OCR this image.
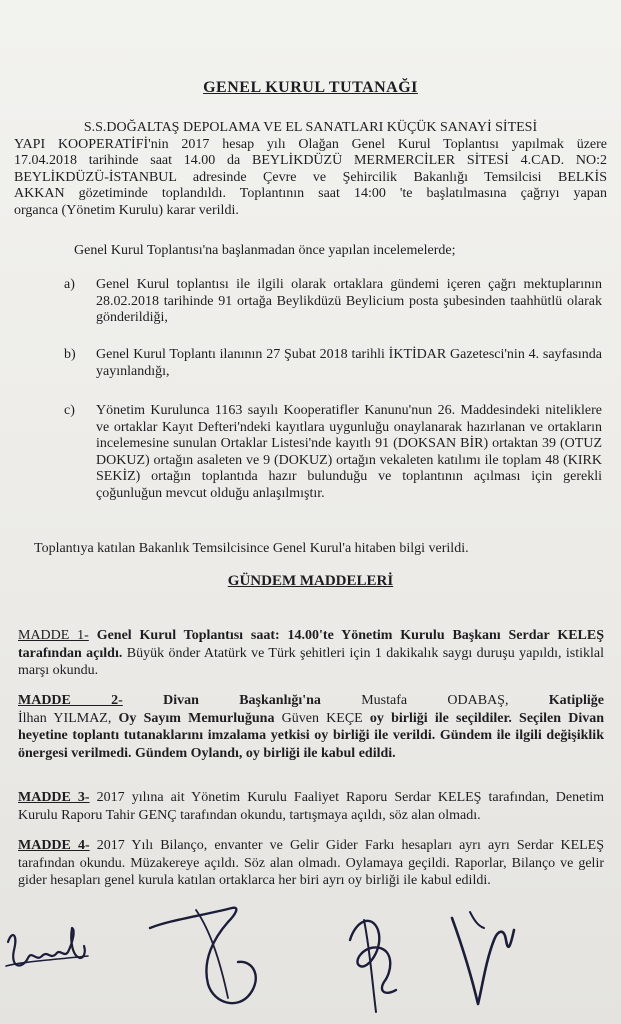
GENEL KURUL TUTANAĞI

S.S.DOĞALTAŞ DEPOLAMA VE EL SANATLARI KÜÇÜK SANAYİ SİTESİ
YAPI KOOPERATİFİ'nin 2017 hesap yılı Olağan Genel Kurul Toplantısı yapılmak üzere
17.04.2018 tarihinde saat 14.00 da BEYLİKDÜZÜ MERMERCİLER SİTESİ 4.CAD. NO:2
BEYLİKDÜZÜ-İSTANBUL adresinde Çevre ve Şehircilik Bakanlığı Temsilcisi BELKİS
AKKAN gözetiminde toplandıldı. Toplantının saat 14:00 'te başlatılmasına çağrıyı yapan
organca (Yönetim Kurulu) karar verildi.

Genel Kurul Toplantısı'na başlanmadan önce yapılan incelemelerde;

a)	Genel Kurul toplantısı ile ilgili olarak ortaklara gündemi içeren çağrı mektuplarının 28.02.2018 tarihinde 91 ortağa Beylikdüzü Beylicium posta şubesinden taahhütlü olarak gönderildiği,
b)	Genel Kurul Toplantı ilanının 27 Şubat 2018 tarihli İKTİDAR Gazetesci'nin 4. sayfasında yayınlandığı,
c)	Yönetim Kurulunca 1163 sayılı Kooperatifler Kanunu'nun 26. Maddesindeki niteliklere ve ortaklar Kayıt Defteri'ndeki kayıtlara uygunluğu onaylanarak hazırlanan ve ortakların incelemesine sunulan Ortaklar Listesi'nde kayıtlı 91 (DOKSAN BİR) ortaktan 39 (OTUZ DOKUZ) ortağın asaleten ve 9 (DOKUZ) ortağın vekaleten katılımı ile toplam 48 (KIRK SEKİZ) ortağın toplantıda hazır bulunduğu ve toplantının açılması için gerekli çoğunluğun mevcut olduğu anlaşılmıştır.

Toplantıya katılan Bakanlık Temsilcisince Genel Kurul'a hitaben bilgi verildi.

GÜNDEM MADDELERİ

MADDE 1- Genel Kurul Toplantısı saat: 14.00'te Yönetim Kurulu Başkanı Serdar KELEŞ tarafından açıldı. Büyük önder Atatürk ve Türk şehitleri için 1 dakikalık saygı duruşu yapıldı, istiklal marşı okundu.
MADDE 2-	Divan Başkanlığı'na	Mustafa ODABAŞ,	Katipliğe
İlhan YILMAZ, Oy Sayım Memurluğuna Güven KEÇE oy birliği ile seçildiler. Seçilen Divan heyetine toplantı tutanaklarını imzalama yetkisi oy birliği ile verildi. Gündem ile ilgili değişiklik önergesi verilmedi. Gündem Oylandı, oy birliği ile kabul edildi.
MADDE 3- 2017 yılına ait Yönetim Kurulu Faaliyet Raporu Serdar KELEŞ tarafından, Denetim Kurulu Raporu Tahir GENÇ tarafından okundu, tartışmaya açıldı, söz alan olmadı.
MADDE 4- 2017 Yılı Bilanço, envanter ve Gelir Gider Farkı hesapları ayrı ayrı Serdar KELEŞ tarafından okundu. Müzakereye açıldı. Söz alan olmadı. Oylamaya geçildi. Raporlar, Bilanço ve gelir gider hesapları genel kurula katılan ortaklarca her biri ayrı oy birliği ile kabul edildi.
